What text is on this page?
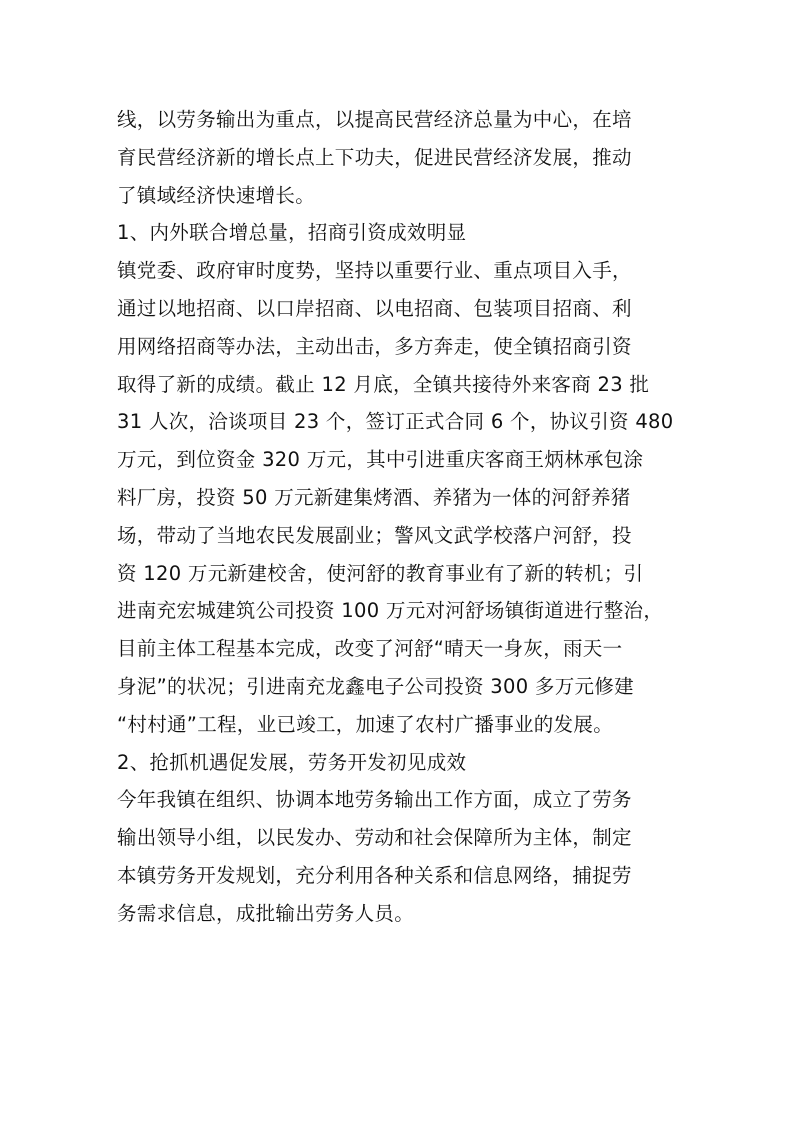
线，以劳务输出为重点，以提高民营经济总量为中心，在培
育民营经济新的增长点上下功夫，促进民营经济发展，推动
了镇域经济快速增长。
1、内外联合增总量，招商引资成效明显
镇党委、政府审时度势，坚持以重要行业、重点项目入手，
通过以地招商、以口岸招商、以电招商、包装项目招商、利
用网络招商等办法，主动出击，多方奔走，使全镇招商引资
取得了新的成绩。截止 12 月底，全镇共接待外来客商 23 批
31 人次，洽谈项目 23 个，签订正式合同 6 个，协议引资 480
万元，到位资金 320 万元，其中引进重庆客商王炳林承包涂
料厂房，投资 50 万元新建集烤酒、养猪为一体的河舒养猪
场，带动了当地农民发展副业；警风文武学校落户河舒，投
资 120 万元新建校舍，使河舒的教育事业有了新的转机；引
进南充宏城建筑公司投资 100 万元对河舒场镇街道进行整治，
目前主体工程基本完成，改变了河舒“晴天一身灰，雨天一
身泥”的状况；引进南充龙鑫电子公司投资 300 多万元修建
“村村通”工程，业已竣工，加速了农村广播事业的发展。
2、抢抓机遇促发展，劳务开发初见成效
今年我镇在组织、协调本地劳务输出工作方面，成立了劳务
输出领导小组，以民发办、劳动和社会保障所为主体，制定
本镇劳务开发规划，充分利用各种关系和信息网络，捕捉劳
务需求信息，成批输出劳务人员。
